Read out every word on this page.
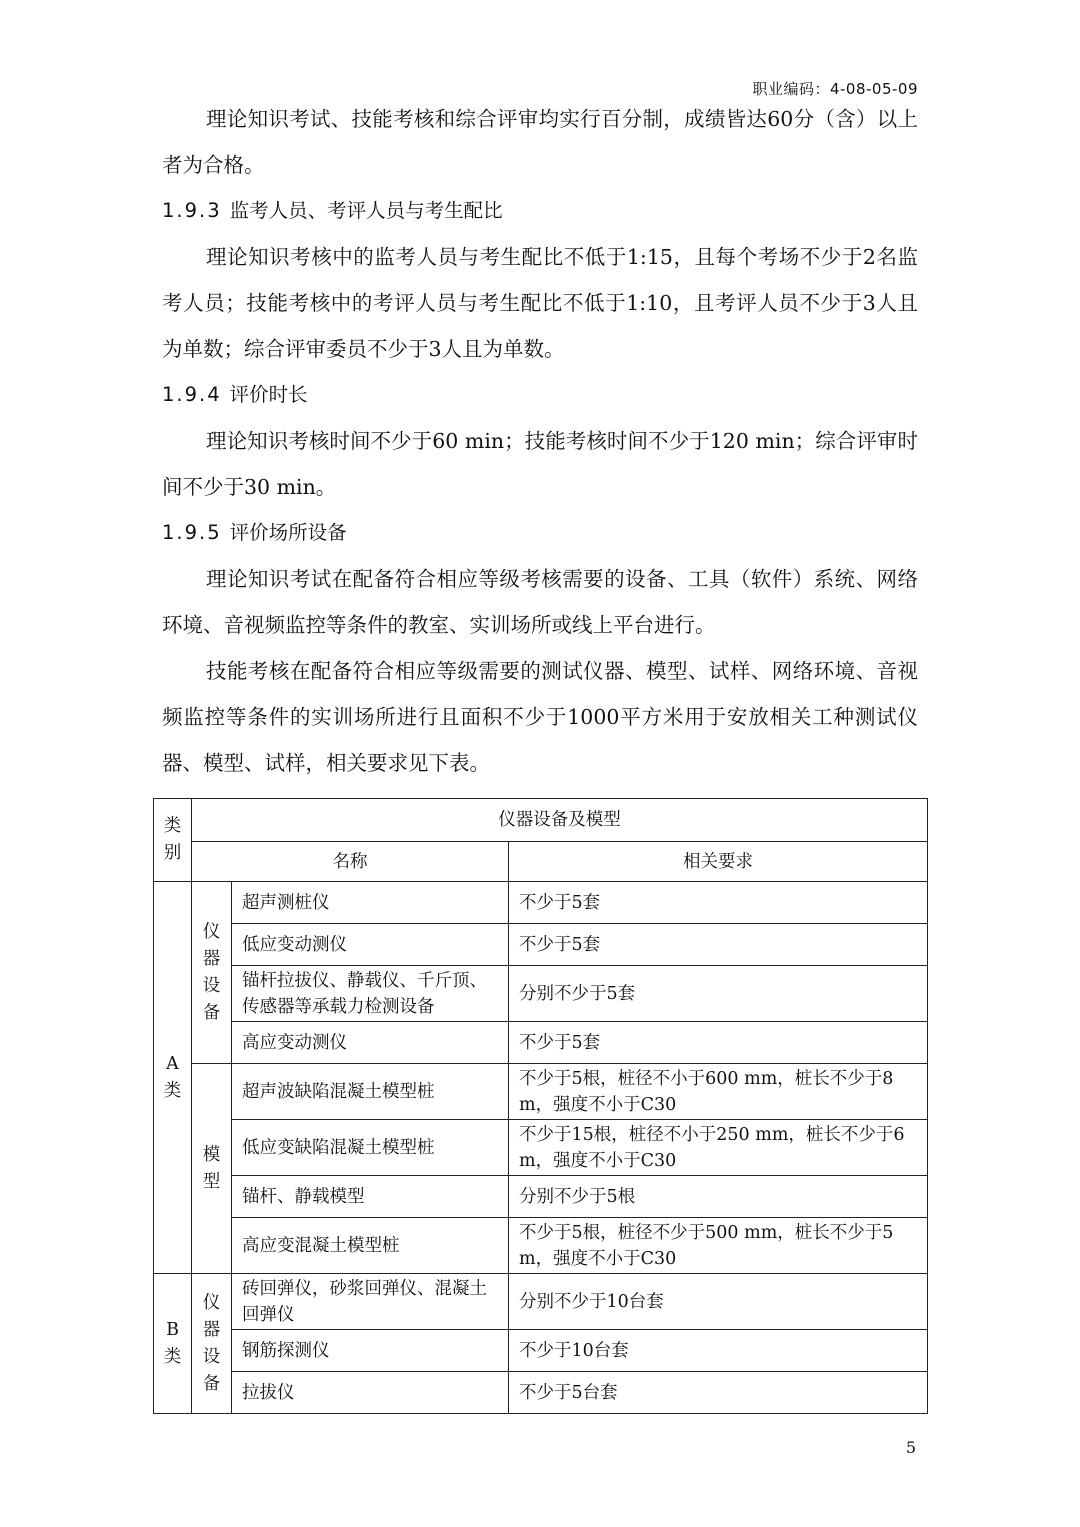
职业编码：4-08-05-09

理论知识考试、技能考核和综合评审均实行百分制，成绩皆达60分（含）以上者为合格。

1.9.3 监考人员、考评人员与考生配比

理论知识考核中的监考人员与考生配比不低于1:15，且每个考场不少于2名监考人员；技能考核中的考评人员与考生配比不低于1:10，且考评人员不少于3人且为单数；综合评审委员不少于3人且为单数。

1.9.4 评价时长

理论知识考核时间不少于60 min；技能考核时间不少于120 min；综合评审时间不少于30 min。

1.9.5 评价场所设备

理论知识考试在配备符合相应等级考核需要的设备、工具（软件）系统、网络环境、音视频监控等条件的教室、实训场所或线上平台进行。

技能考核在配备符合相应等级需要的测试仪器、模型、试样、网络环境、音视频监控等条件的实训场所进行且面积不少于1000平方米用于安放相关工种测试仪器、模型、试样，相关要求见下表。

类别	仪器设备及模型		
	名称		相关要求
A类	仪器设备	超声测桩仪	不少于5套
		低应变动测仪	不少于5套
		锚杆拉拔仪、静载仪、千斤顶、传感器等承载力检测设备	分别不少于5套
		高应变动测仪	不少于5套
	模型	超声波缺陷混凝土模型桩	不少于5根，桩径不小于600 mm，桩长不少于8 m，强度不小于C30
		低应变缺陷混凝土模型桩	不少于15根，桩径不小于250 mm，桩长不少于6 m，强度不小于C30
		锚杆、静载模型	分别不少于5根
		高应变混凝土模型桩	不少于5根，桩径不少于500 mm，桩长不少于5 m，强度不小于C30
B类	仪器设备	砖回弹仪，砂浆回弹仪、混凝土回弹仪	分别不少于10台套
		钢筋探测仪	不少于10台套
		拉拔仪	不少于5台套
5
